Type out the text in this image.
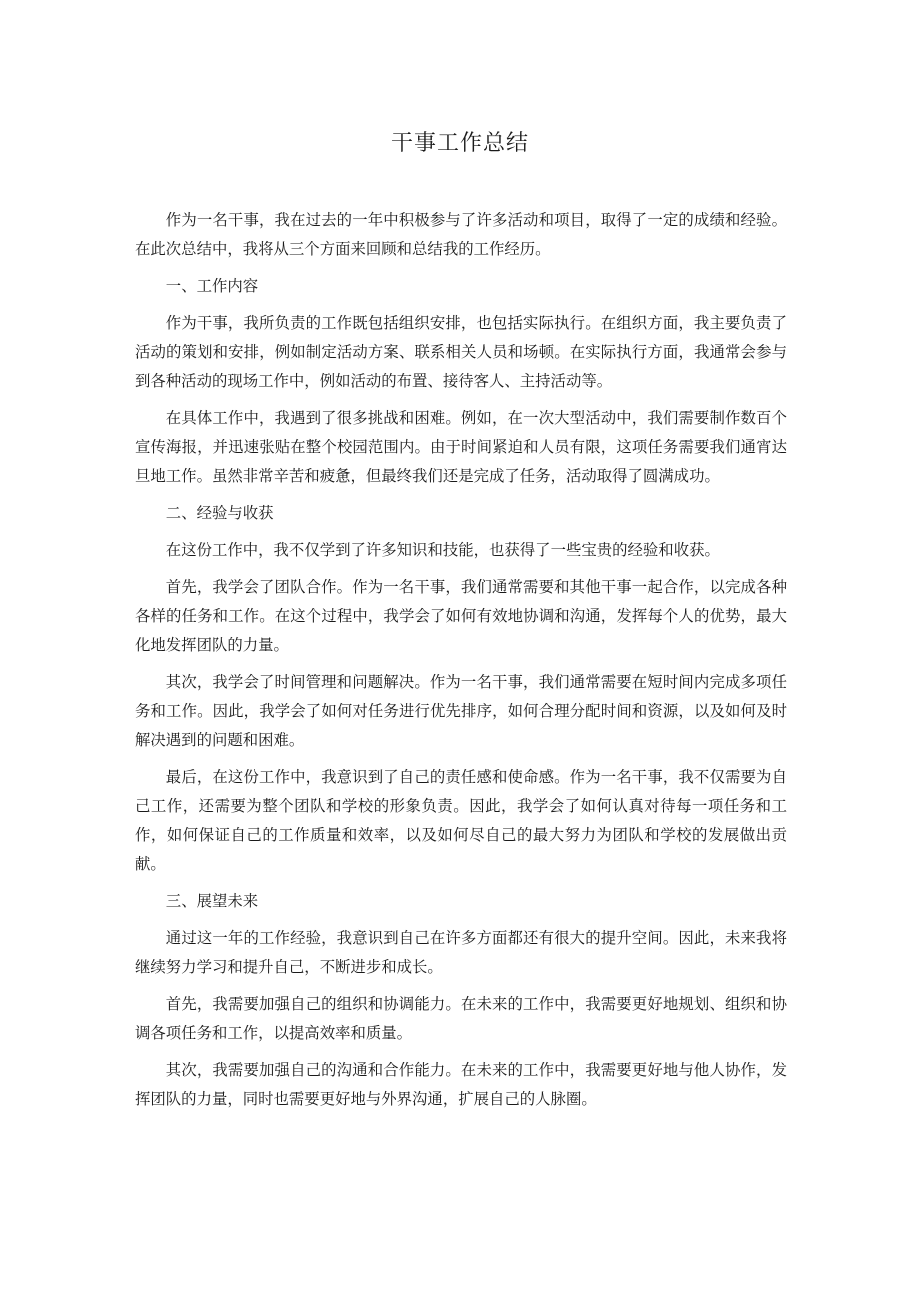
干事工作总结

作为一名干事，我在过去的一年中积极参与了许多活动和项目，取得了一定的成绩和经验。在此次总结中，我将从三个方面来回顾和总结我的工作经历。

一、工作内容

作为干事，我所负责的工作既包括组织安排，也包括实际执行。在组织方面，我主要负责了活动的策划和安排，例如制定活动方案、联系相关人员和场顿。在实际执行方面，我通常会参与到各种活动的现场工作中，例如活动的布置、接待客人、主持活动等。

在具体工作中，我遇到了很多挑战和困难。例如，在一次大型活动中，我们需要制作数百个宣传海报，并迅速张贴在整个校园范围内。由于时间紧迫和人员有限，这项任务需要我们通宵达旦地工作。虽然非常辛苦和疲惫，但最终我们还是完成了任务，活动取得了圆满成功。

二、经验与收获

在这份工作中，我不仅学到了许多知识和技能，也获得了一些宝贵的经验和收获。

首先，我学会了团队合作。作为一名干事，我们通常需要和其他干事一起合作，以完成各种各样的任务和工作。在这个过程中，我学会了如何有效地协调和沟通，发挥每个人的优势，最大化地发挥团队的力量。

其次，我学会了时间管理和问题解决。作为一名干事，我们通常需要在短时间内完成多项任务和工作。因此，我学会了如何对任务进行优先排序，如何合理分配时间和资源，以及如何及时解决遇到的问题和困难。

最后，在这份工作中，我意识到了自己的责任感和使命感。作为一名干事，我不仅需要为自己工作，还需要为整个团队和学校的形象负责。因此，我学会了如何认真对待每一项任务和工作，如何保证自己的工作质量和效率，以及如何尽自己的最大努力为团队和学校的发展做出贡献。

三、展望未来

通过这一年的工作经验，我意识到自己在许多方面都还有很大的提升空间。因此，未来我将继续努力学习和提升自己，不断进步和成长。

首先，我需要加强自己的组织和协调能力。在未来的工作中，我需要更好地规划、组织和协调各项任务和工作，以提高效率和质量。

其次，我需要加强自己的沟通和合作能力。在未来的工作中，我需要更好地与他人协作，发挥团队的力量，同时也需要更好地与外界沟通，扩展自己的人脉圈。
